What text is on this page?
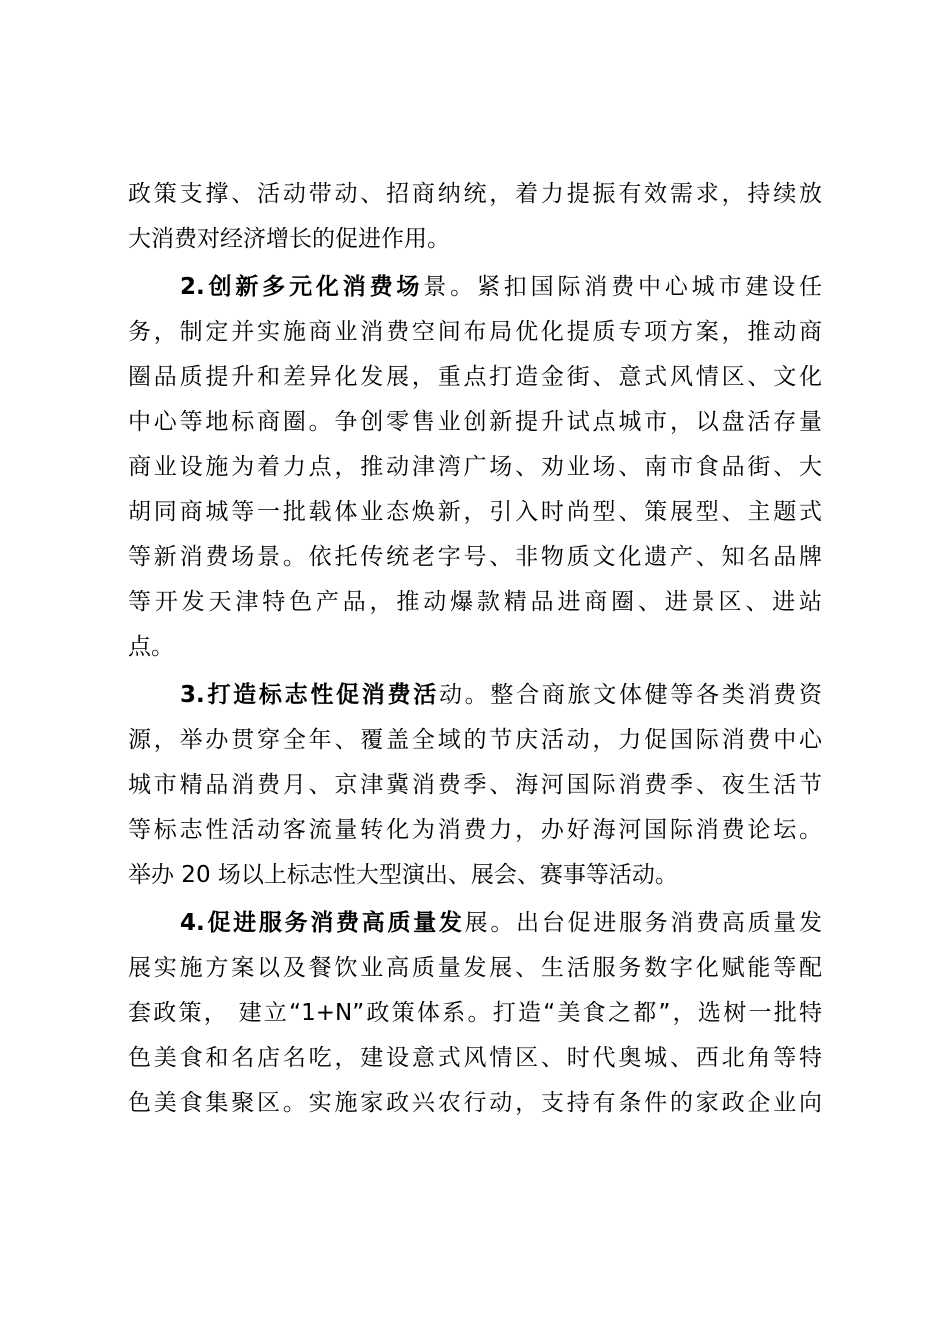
政策支撑、活动带动、招商纳统，着力提振有效需求，持续放
大消费对经济增长的促进作用。
2.创新多元化消费场景。紧扣国际消费中心城市建设任
务，制定并实施商业消费空间布局优化提质专项方案，推动商
圈品质提升和差异化发展，重点打造金街、意式风情区、文化
中心等地标商圈。争创零售业创新提升试点城市，以盘活存量
商业设施为着力点，推动津湾广场、劝业场、南市食品街、大
胡同商城等一批载体业态焕新，引入时尚型、策展型、主题式
等新消费场景。依托传统老字号、非物质文化遗产、知名品牌
等开发天津特色产品，推动爆款精品进商圈、进景区、进站
点。
3.打造标志性促消费活动。整合商旅文体健等各类消费资
源，举办贯穿全年、覆盖全域的节庆活动，力促国际消费中心
城市精品消费月、京津冀消费季、海河国际消费季、夜生活节
等标志性活动客流量转化为消费力，办好海河国际消费论坛。
举办 20 场以上标志性大型演出、展会、赛事等活动。
4.促进服务消费高质量发展。出台促进服务消费高质量发
展实施方案以及餐饮业高质量发展、生活服务数字化赋能等配
套政策， 建立“1+N”政策体系。打造“美食之都”，选树一批特
色美食和名店名吃，建设意式风情区、时代奥城、西北角等特
色美食集聚区。实施家政兴农行动，支持有条件的家政企业向
